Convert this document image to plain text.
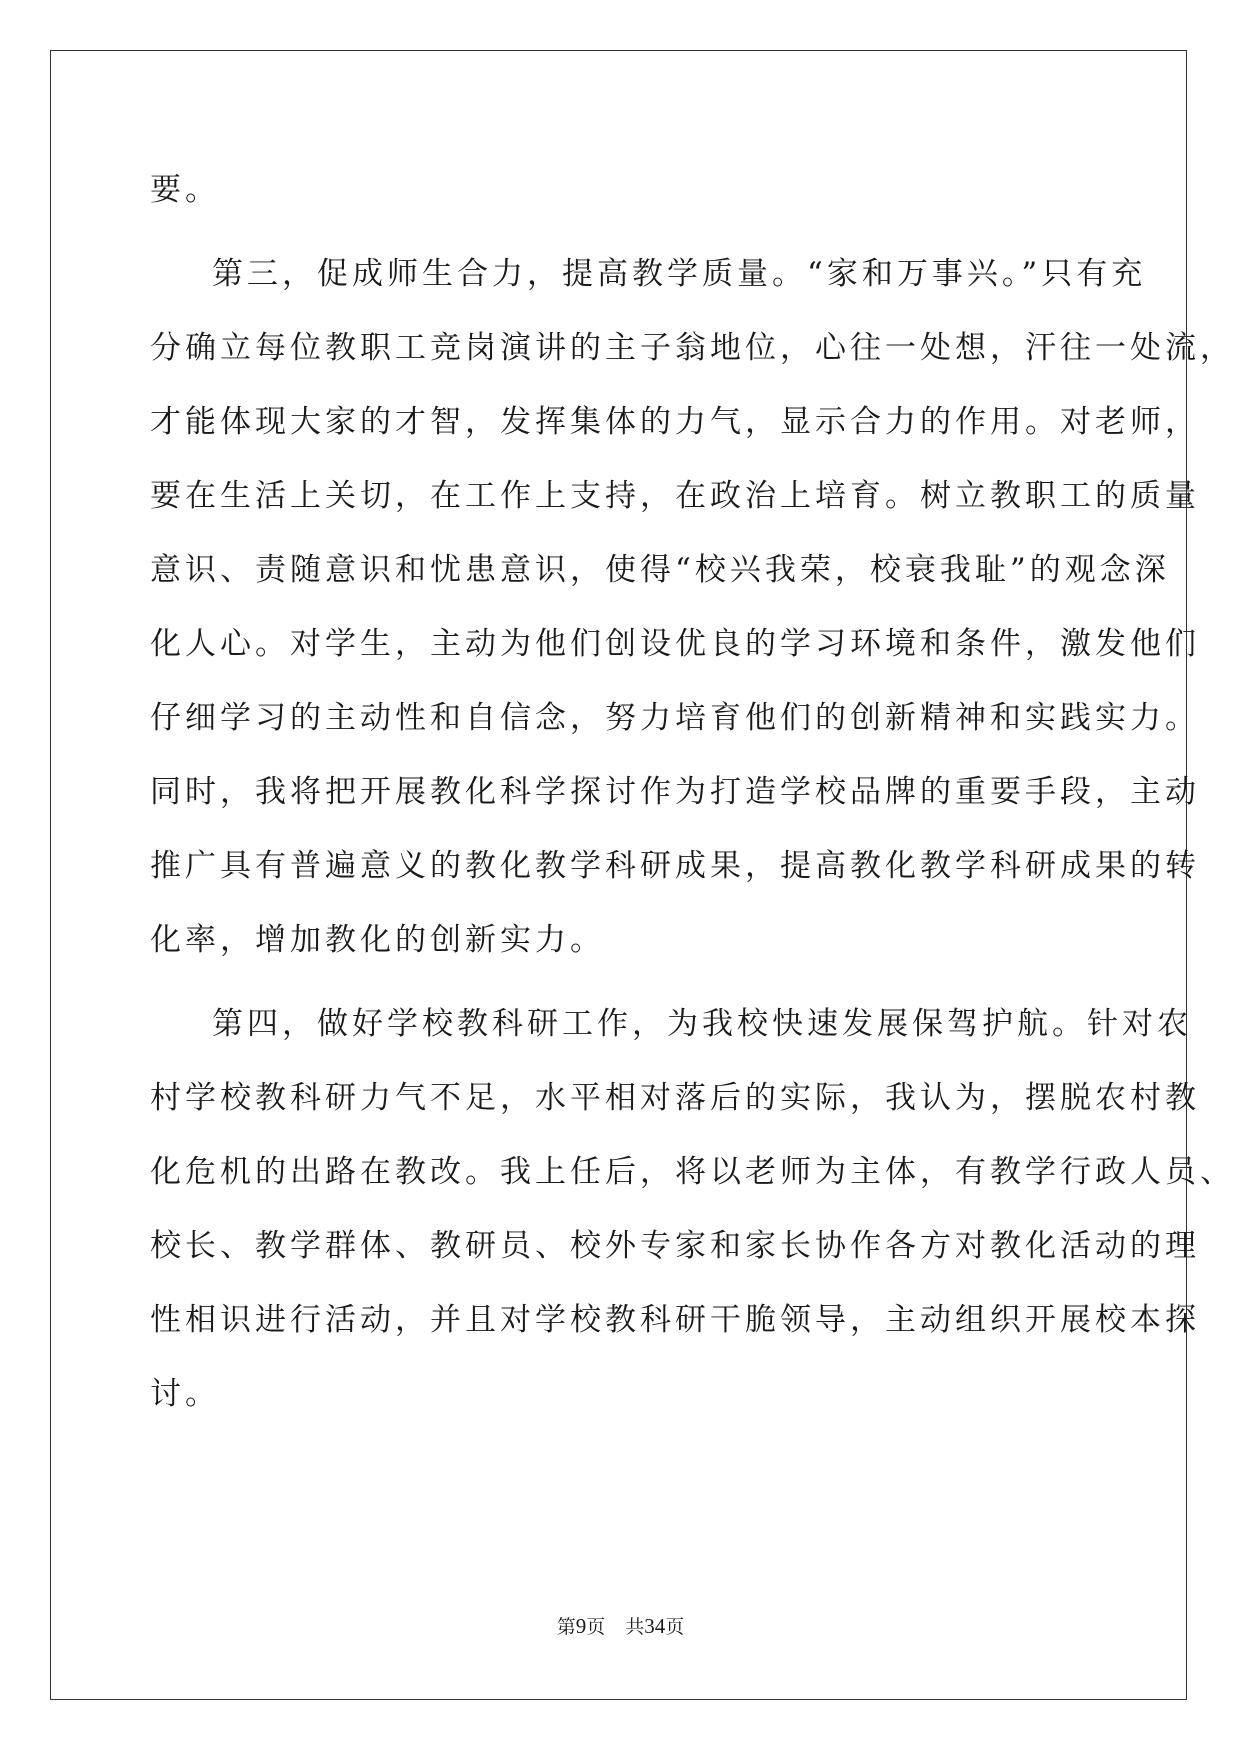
要。
第三，促成师生合力，提高教学质量。“家和万事兴。”只有充
分确立每位教职工竞岗演讲的主子翁地位，心往一处想，汗往一处流，
才能体现大家的才智，发挥集体的力气，显示合力的作用。对老师，
要在生活上关切，在工作上支持，在政治上培育。树立教职工的质量
意识、责随意识和忧患意识，使得“校兴我荣，校衰我耻”的观念深
化人心。对学生，主动为他们创设优良的学习环境和条件，激发他们
仔细学习的主动性和自信念，努力培育他们的创新精神和实践实力。
同时，我将把开展教化科学探讨作为打造学校品牌的重要手段，主动
推广具有普遍意义的教化教学科研成果，提高教化教学科研成果的转
化率，增加教化的创新实力。
第四，做好学校教科研工作，为我校快速发展保驾护航。针对农
村学校教科研力气不足，水平相对落后的实际，我认为，摆脱农村教
化危机的出路在教改。我上任后，将以老师为主体，有教学行政人员、
校长、教学群体、教研员、校外专家和家长协作各方对教化活动的理
性相识进行活动，并且对学校教科研干脆领导，主动组织开展校本探
讨。
第9页 共34页
